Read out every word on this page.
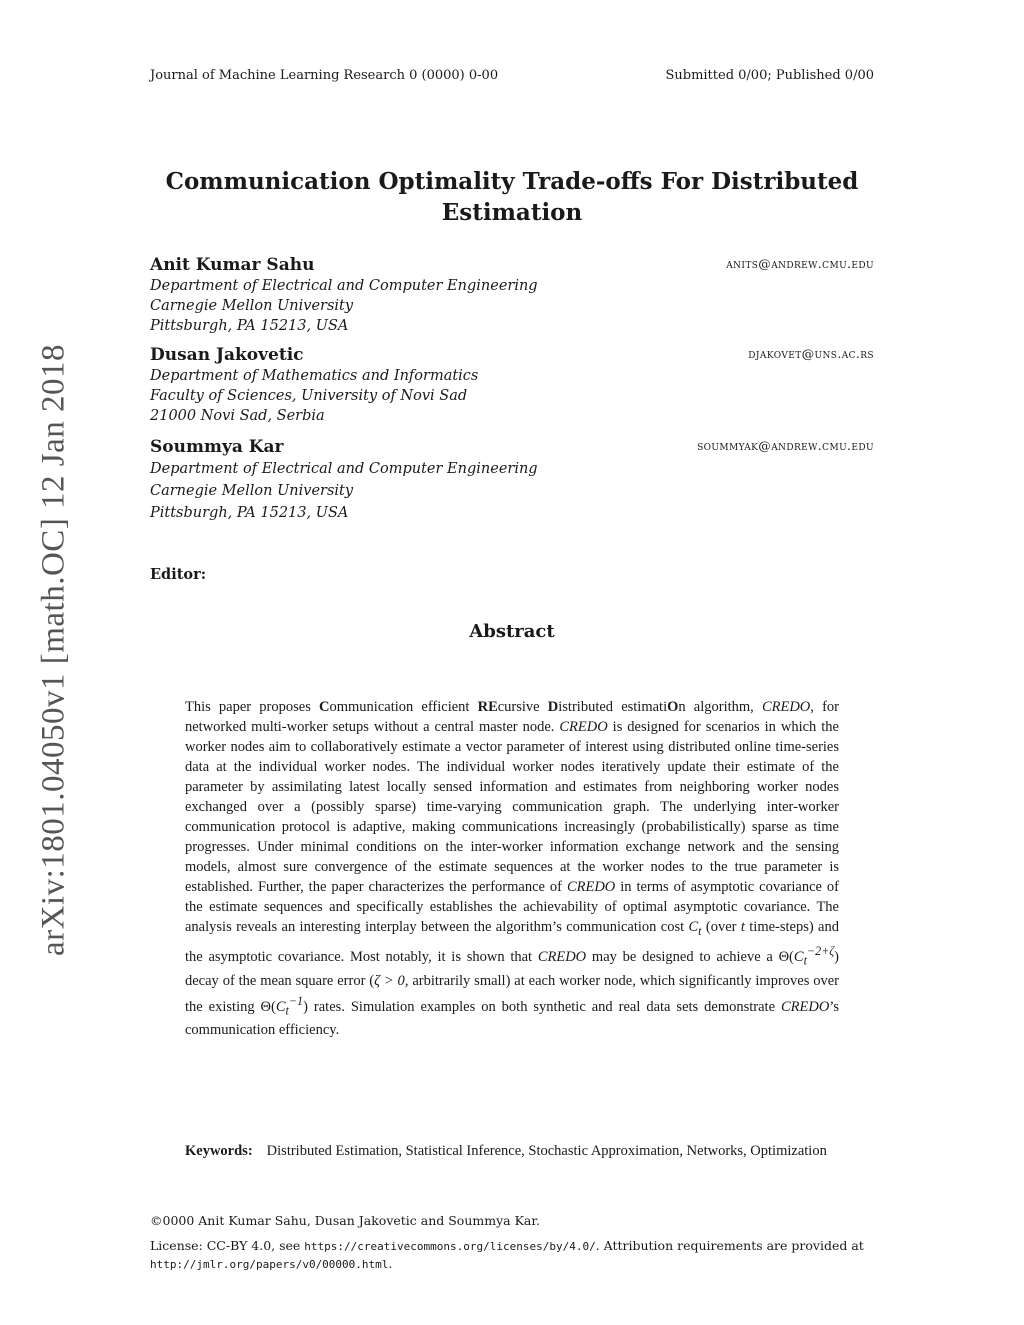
Journal of Machine Learning Research 0 (0000) 0-00	Submitted 0/00; Published 0/00
arXiv:1801.04050v1 [math.OC] 12 Jan 2018
Communication Optimality Trade-offs For Distributed
Estimation
Anit Kumar Sahu	anits@andrew.cmu.edu
Department of Electrical and Computer Engineering
Carnegie Mellon University
Pittsburgh, PA 15213, USA
Dusan Jakovetic	djakovet@uns.ac.rs
Department of Mathematics and Informatics
Faculty of Sciences, University of Novi Sad
21000 Novi Sad, Serbia
Soummya Kar	soummyak@andrew.cmu.edu
Department of Electrical and Computer Engineering
Carnegie Mellon University
Pittsburgh, PA 15213, USA
Editor:
Abstract
This paper proposes Communication efficient REcursive Distributed estimatiOn algorithm, CREDO, for networked multi-worker setups without a central master node. CREDO is designed for scenarios in which the worker nodes aim to collaboratively estimate a vector parameter of interest using distributed online time-series data at the individual worker nodes. The individual worker nodes iteratively update their estimate of the parameter by assimilating latest locally sensed information and estimates from neighboring worker nodes exchanged over a (possibly sparse) time-varying communication graph. The underlying inter-worker communication protocol is adaptive, making communications increasingly (probabilistically) sparse as time progresses. Under minimal conditions on the inter-worker information exchange network and the sensing models, almost sure convergence of the estimate sequences at the worker nodes to the true parameter is established. Further, the paper characterizes the performance of CREDO in terms of asymptotic covariance of the estimate sequences and specifically establishes the achievability of optimal asymptotic covariance. The analysis reveals an interesting interplay between the algorithm’s communication cost $C_t$ (over t time-steps) and the asymptotic covariance. Most notably, it is shown that CREDO may be designed to achieve a $\Theta(C_t^{-2+\zeta})$ decay of the mean square error (ζ > 0, arbitrarily small) at each worker node, which significantly improves over the existing $\Theta(C_t^{-1})$ rates. Simulation examples on both synthetic and real data sets demonstrate CREDO’s communication efficiency.
Keywords: Distributed Estimation, Statistical Inference, Stochastic Approximation, Networks, Optimization
©0000 Anit Kumar Sahu, Dusan Jakovetic and Soummya Kar.
License: CC-BY 4.0, see https://creativecommons.org/licenses/by/4.0/. Attribution requirements are provided at http://jmlr.org/papers/v0/00000.html.
